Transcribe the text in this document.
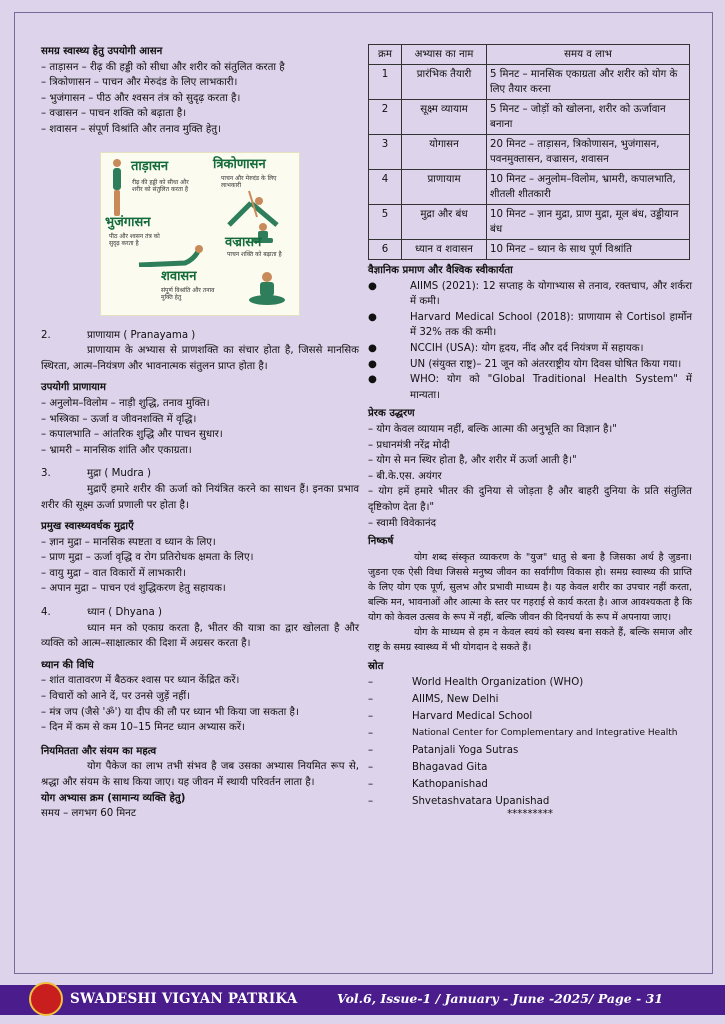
समग्र स्वास्थ्य हेतु उपयोगी आसन

– ताड़ासन – रीढ़ की हड्डी को सीधा और शरीर को संतुलित करता है

– त्रिकोणासन – पाचन और मेरुदंड के लिए लाभकारी।

– भुजंगासन – पीठ और श्वसन तंत्र को सुदृढ़ करता है।

– वज्रासन – पाचन शक्ति को बढ़ाता है।

– शवासन – संपूर्ण विश्रांति और तनाव मुक्ति हेतु।

ताड़ासन
रीढ़ की हड्डी को सीधा और शरीर को संतुलित करता है
त्रिकोणासन
पाचन और मेरुदंड के लिए लाभकारी
भुजंगासन
पीठ और श्वसन तंत्र को सुदृढ़ करता है	वज्रासन
पाचन शक्ति को बढ़ाता है
शवासन
संपूर्ण विश्रांति और तनाव मुक्ति हेतु
2.	प्राणायाम ( Pranayama )

प्राणायाम के अभ्यास से प्राणशक्ति का संचार होता है, जिससे मानसिक स्थिरता, आत्म–नियंत्रण और भावनात्मक संतुलन प्राप्त होता है।

उपयोगी प्राणायाम

– अनुलोम–विलोम – नाड़ी शुद्धि, तनाव मुक्ति।

– भस्त्रिका – ऊर्जा व जीवनशक्ति में वृद्धि।

– कपालभाति – आंतरिक शुद्धि और पाचन सुधार।

– भ्रामरी – मानसिक शांति और एकाग्रता।

3.	मुद्रा ( Mudra )

मुद्राएँ हमारे शरीर की ऊर्जा को नियंत्रित करने का साधन हैं। इनका प्रभाव शरीर की सूक्ष्म ऊर्जा प्रणाली पर होता है।

प्रमुख स्वास्थ्यवर्धक मुद्राएँ

– ज्ञान मुद्रा – मानसिक स्पष्टता व ध्यान के लिए।

– प्राण मुद्रा – ऊर्जा वृद्धि व रोग प्रतिरोधक क्षमता के लिए।

– वायु मुद्रा – वात विकारों में लाभकारी।

– अपान मुद्रा – पाचन एवं शुद्धिकरण हेतु सहायक।

4.	ध्यान ( Dhyana )

ध्यान मन को एकाग्र करता है, भीतर की यात्रा का द्वार खोलता है और व्यक्ति को आत्म–साक्षात्कार की दिशा में अग्रसर करता है।

ध्यान की विधि

– शांत वातावरण में बैठकर श्वास पर ध्यान केंद्रित करें।

– विचारों को आने दें, पर उनसे जुड़ें नहीं।

– मंत्र जप (जैसे 'ॐ') या दीप की लौ पर ध्यान भी किया जा सकता है।

– दिन में कम से कम 10–15 मिनट ध्यान अभ्यास करें।

नियमितता और संयम का महत्व

योग पैकेज का लाभ तभी संभव है जब उसका अभ्यास नियमित रूप से, श्रद्धा और संयम के साथ किया जाए। यह जीवन में स्थायी परिवर्तन लाता है।

योग अभ्यास क्रम (सामान्य व्यक्ति हेतु)

समय – लगभग 60 मिनट

क्रम	अभ्यास का नाम	समय व लाभ
1	प्रारंभिक तैयारी	5 मिनट – मानसिक एकाग्रता और शरीर को योग के लिए तैयार करना
2	सूक्ष्म व्यायाम	5 मिनट – जोड़ों को खोलना, शरीर को ऊर्जावान बनाना
3	योगासन	20 मिनट – ताड़ासन, त्रिकोणासन, भुजंगासन, पवनमुक्तासन, वज्रासन, शवासन
4	प्राणायाम	10 मिनट – अनुलोम–विलोम, भ्रामरी, कपालभाति, शीतली शीतकारी
5	मुद्रा और बंध	10 मिनट – ज्ञान मुद्रा, प्राण मुद्रा, मूल बंध, उड्डीयान बंध
6	ध्यान व शवासन	10 मिनट – ध्यान के साथ पूर्ण विश्रांति

वैज्ञानिक प्रमाण और वैश्विक स्वीकार्यता

●	AIIMS (2021): 12 सप्ताह के योगाभ्यास से तनाव, रक्तचाप, और शर्करा में कमी।
●	Harvard Medical School (2018): प्राणायाम से Cortisol हार्मोन में 32% तक की कमी।
●	NCCIH (USA): योग हृदय, नींद और दर्द नियंत्रण में सहायक।
●	UN (संयुक्त राष्ट्र)– 21 जून को अंतरराष्ट्रीय योग दिवस घोषित किया गया।
●	WHO: योग को "Global Traditional Health System" में मान्यता।

प्रेरक उद्धरण

– योग केवल व्यायाम नहीं, बल्कि आत्मा की अनुभूति का विज्ञान है।"

– प्रधानमंत्री नरेंद्र मोदी

– योग से मन स्थिर होता है, और शरीर में ऊर्जा आती है।"

– बी.के.एस. अयंगर

– योग हमें हमारे भीतर की दुनिया से जोड़ता है और बाहरी दुनिया के प्रति संतुलित दृष्टिकोण देता है।"

– स्वामी विवेकानंद

निष्कर्ष

योग शब्द संस्कृत व्याकरण के "युज" धातु से बना है जिसका अर्थ है जुडना। जुडना एक ऐसी विधा जिससे मनुष्य जीवन का सर्वांगीण विकास हो। समग्र स्वास्थ्य की प्राप्ति के लिए योग एक पूर्ण, सुलभ और प्रभावी माध्यम है। यह केवल शरीर का उपचार नहीं करता, बल्कि मन, भावनाओं और आत्मा के स्तर पर गहराई से कार्य करता है। आज आवश्यकता है कि योग को केवल उत्सव के रूप में नहीं, बल्कि जीवन की दिनचर्या के रूप में अपनाया जाए।

योग के माध्यम से हम न केवल स्वयं को स्वस्थ बना सकते हैं, बल्कि समाज और राष्ट्र के समग्र स्वास्थ्य में भी योगदान दे सकते हैं।

स्रोत

–	World Health Organization (WHO)
–	AIIMS, New Delhi
–	Harvard Medical School
–	National Center for Complementary and Integrative Health
–	Patanjali Yoga Sutras
–	Bhagavad Gita
–	Kathopanishad
–	Shvetashvatara Upanishad

*********

SWADESHI VIGYAN PATRIKA	Vol.6, Issue-1 / January - June -2025/ Page - 31
